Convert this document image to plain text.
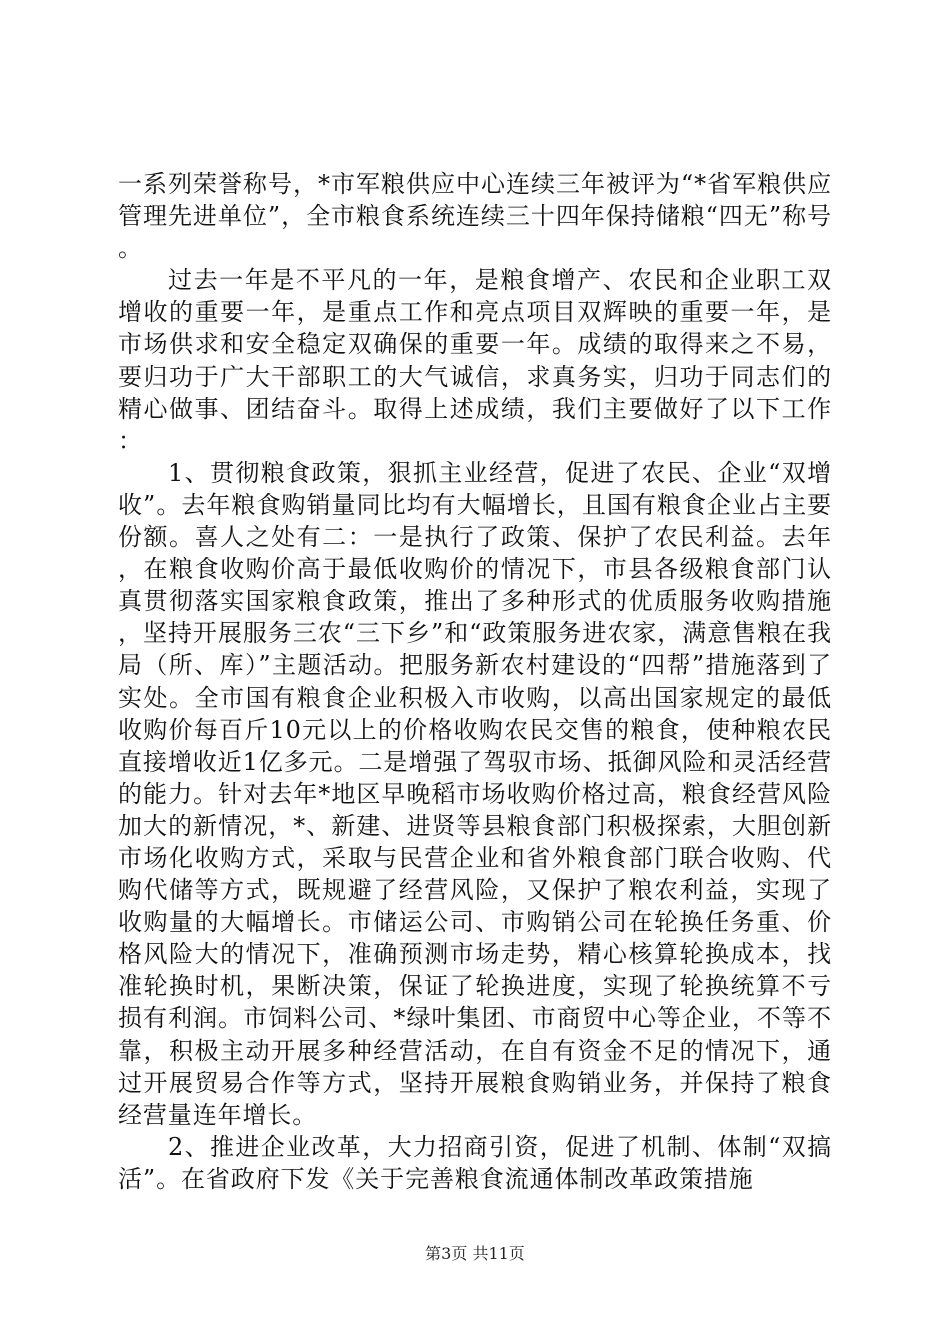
一系列荣誉称号，*市军粮供应中心连续三年被评为“*省军粮供应管理先进单位”，全市粮食系统连续三十四年保持储粮“四无”称号。

过去一年是不平凡的一年，是粮食增产、农民和企业职工双增收的重要一年，是重点工作和亮点项目双辉映的重要一年，是市场供求和安全稳定双确保的重要一年。成绩的取得来之不易，要归功于广大干部职工的大气诚信，求真务实，归功于同志们的精心做事、团结奋斗。取得上述成绩，我们主要做好了以下工作：

1、贯彻粮食政策，狠抓主业经营，促进了农民、企业“双增收”。去年粮食购销量同比均有大幅增长，且国有粮食企业占主要份额。喜人之处有二：一是执行了政策、保护了农民利益。去年，在粮食收购价高于最低收购价的情况下，市县各级粮食部门认真贯彻落实国家粮食政策，推出了多种形式的优质服务收购措施，坚持开展服务三农“三下乡”和“政策服务进农家，满意售粮在我局（所、库）”主题活动。把服务新农村建设的“四帮”措施落到了实处。全市国有粮食企业积极入市收购，以高出国家规定的最低收购价每百斤10元以上的价格收购农民交售的粮食，使种粮农民直接增收近1亿多元。二是增强了驾驭市场、抵御风险和灵活经营的能力。针对去年*地区早晚稻市场收购价格过高，粮食经营风险加大的新情况，*、新建、进贤等县粮食部门积极探索，大胆创新市场化收购方式，采取与民营企业和省外粮食部门联合收购、代购代储等方式，既规避了经营风险，又保护了粮农利益，实现了收购量的大幅增长。市储运公司、市购销公司在轮换任务重、价格风险大的情况下，准确预测市场走势，精心核算轮换成本，找准轮换时机，果断决策，保证了轮换进度，实现了轮换统算不亏损有利润。市饲料公司、*绿叶集团、市商贸中心等企业，不等不靠，积极主动开展多种经营活动，在自有资金不足的情况下，通过开展贸易合作等方式，坚持开展粮食购销业务，并保持了粮食经营量连年增长。

2、推进企业改革，大力招商引资，促进了机制、体制“双搞活”。在省政府下发《关于完善粮食流通体制改革政策措施

第3页 共11页
